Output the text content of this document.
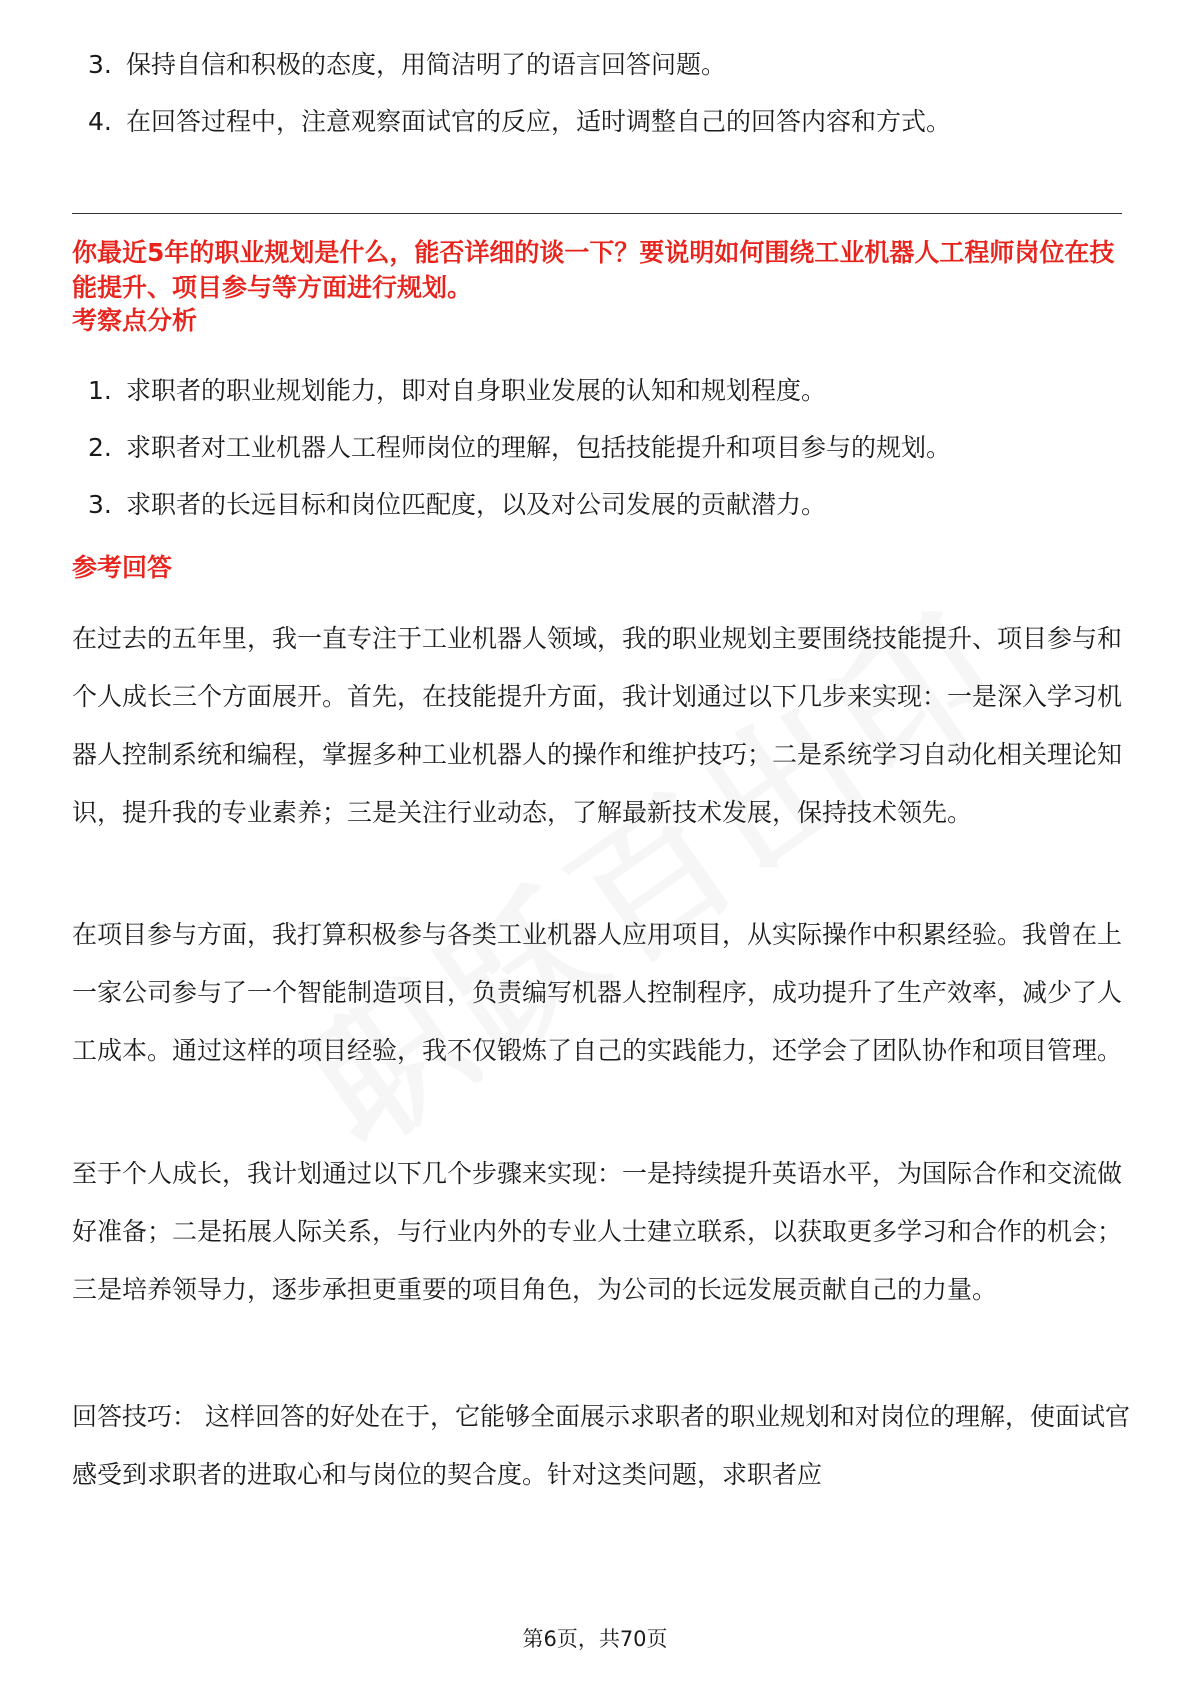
3. 保持自信和积极的态度，用简洁明了的语言回答问题。
4. 在回答过程中，注意观察面试官的反应，适时调整自己的回答内容和方式。
你最近5年的职业规划是什么，能否详细的谈一下？要说明如何围绕工业机器人工程师岗位在技能提升、项目参与等方面进行规划。
考察点分析
1. 求职者的职业规划能力，即对自身职业发展的认知和规划程度。
2. 求职者对工业机器人工程师岗位的理解，包括技能提升和项目参与的规划。
3. 求职者的长远目标和岗位匹配度，以及对公司发展的贡献潜力。
参考回答

在过去的五年里，我一直专注于工业机器人领域，我的职业规划主要围绕技能提升、项目参与和个人成长三个方面展开。首先，在技能提升方面，我计划通过以下几步来实现：一是深入学习机器人控制系统和编程，掌握多种工业机器人的操作和维护技巧；二是系统学习自动化相关理论知识，提升我的专业素养；三是关注行业动态，了解最新技术发展，保持技术领先。

在项目参与方面，我打算积极参与各类工业机器人应用项目，从实际操作中积累经验。我曾在上一家公司参与了一个智能制造项目，负责编写机器人控制程序，成功提升了生产效率，减少了人工成本。通过这样的项目经验，我不仅锻炼了自己的实践能力，还学会了团队协作和项目管理。

至于个人成长，我计划通过以下几个步骤来实现：一是持续提升英语水平，为国际合作和交流做好准备；二是拓展人际关系，与行业内外的专业人士建立联系，以获取更多学习和合作的机会；三是培养领导力，逐步承担更重要的项目角色，为公司的长远发展贡献自己的力量。

回答技巧： 这样回答的好处在于，它能够全面展示求职者的职业规划和对岗位的理解，使面试官感受到求职者的进取心和与岗位的契合度。针对这类问题，求职者应

第6页，共70页
